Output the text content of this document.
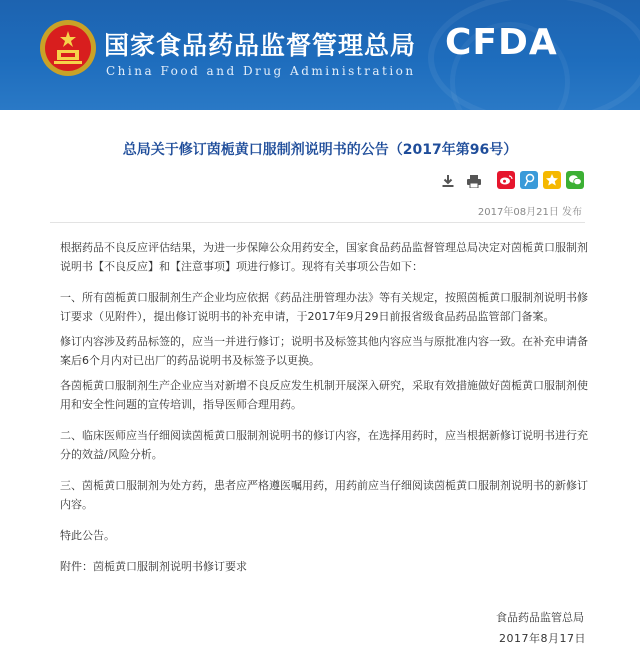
国家食品药品监督管理总局
China Food and Drug Administration
CFDA
总局关于修订茵栀黄口服制剂说明书的公告（2017年第96号）
2017年08月21日 发布

根据药品不良反应评估结果，为进一步保障公众用药安全，国家食品药品监督管理总局决定对茵栀黄口服制剂说明书【不良反应】和【注意事项】项进行修订。现将有关事项公告如下：

一、所有茵栀黄口服制剂生产企业均应依据《药品注册管理办法》等有关规定，按照茵栀黄口服制剂说明书修订要求（见附件），提出修订说明书的补充申请，于2017年9月29日前报省级食品药品监管部门备案。

修订内容涉及药品标签的，应当一并进行修订；说明书及标签其他内容应当与原批准内容一致。在补充申请备案后6个月内对已出厂的药品说明书及标签予以更换。

各茵栀黄口服制剂生产企业应当对新增不良反应发生机制开展深入研究，采取有效措施做好茵栀黄口服制剂使用和安全性问题的宣传培训，指导医师合理用药。

二、临床医师应当仔细阅读茵栀黄口服制剂说明书的修订内容，在选择用药时，应当根据新修订说明书进行充分的效益/风险分析。

三、茵栀黄口服制剂为处方药，患者应严格遵医嘱用药，用药前应当仔细阅读茵栀黄口服制剂说明书的新修订内容。

特此公告。

附件：茵栀黄口服制剂说明书修订要求

食品药品监管总局
2017年8月17日
